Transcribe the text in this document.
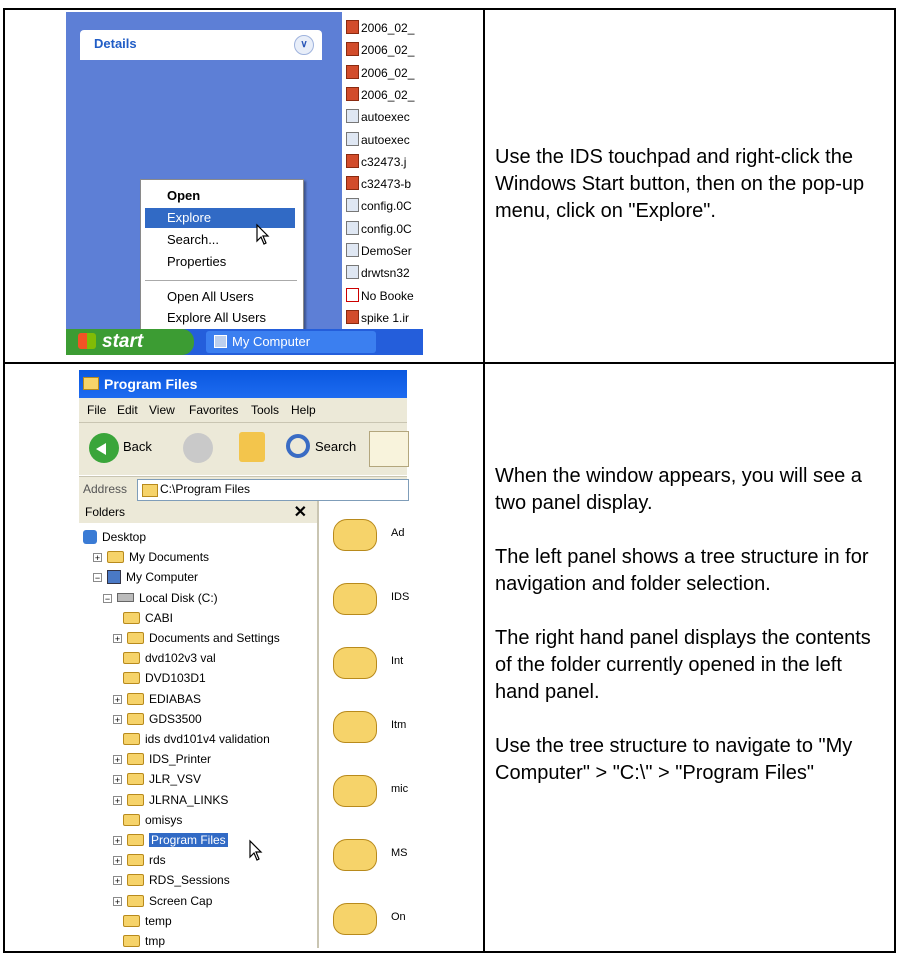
Use the IDS touchpad and right-click the Windows Start button, then on the pop-up menu, click on "Explore".

When the window appears, you will see a two panel display.

The left panel shows a tree structure in for navigation and folder selection.

The right hand panel displays the contents of the folder currently opened in the left hand panel.

Use the tree structure to navigate to "My Computer" > "C:\" > "Program Files"

Details	∨
2006_02_
2006_02_
2006_02_
2006_02_
autoexec
autoexec
c32473.j
c32473-b
config.0C
config.0C
DemoSer
drwtsn32
No Booke
spike 1.ir
Open
Explore
Search...
Properties
Open All Users
Explore All Users
start	My Computer
Program Files
File Edit View Favorites Tools Help
Back	Search
Address	C:\Program Files
Folders	✕
Desktop
+ My Documents
− My Computer
− Local Disk (C:)
CABI
+ Documents and Settings
dvd102v3 val
DVD103D1
+ EDIABAS
+ GDS3500
ids dvd101v4 validation
+ IDS_Printer
+ JLR_VSV
+ JLRNA_LINKS
omisys
+	Program Files
+ rds
+ RDS_Sessions
+ Screen Cap
temp
tmp
Ad
IDS
Int
Itm
mic
MS
On
